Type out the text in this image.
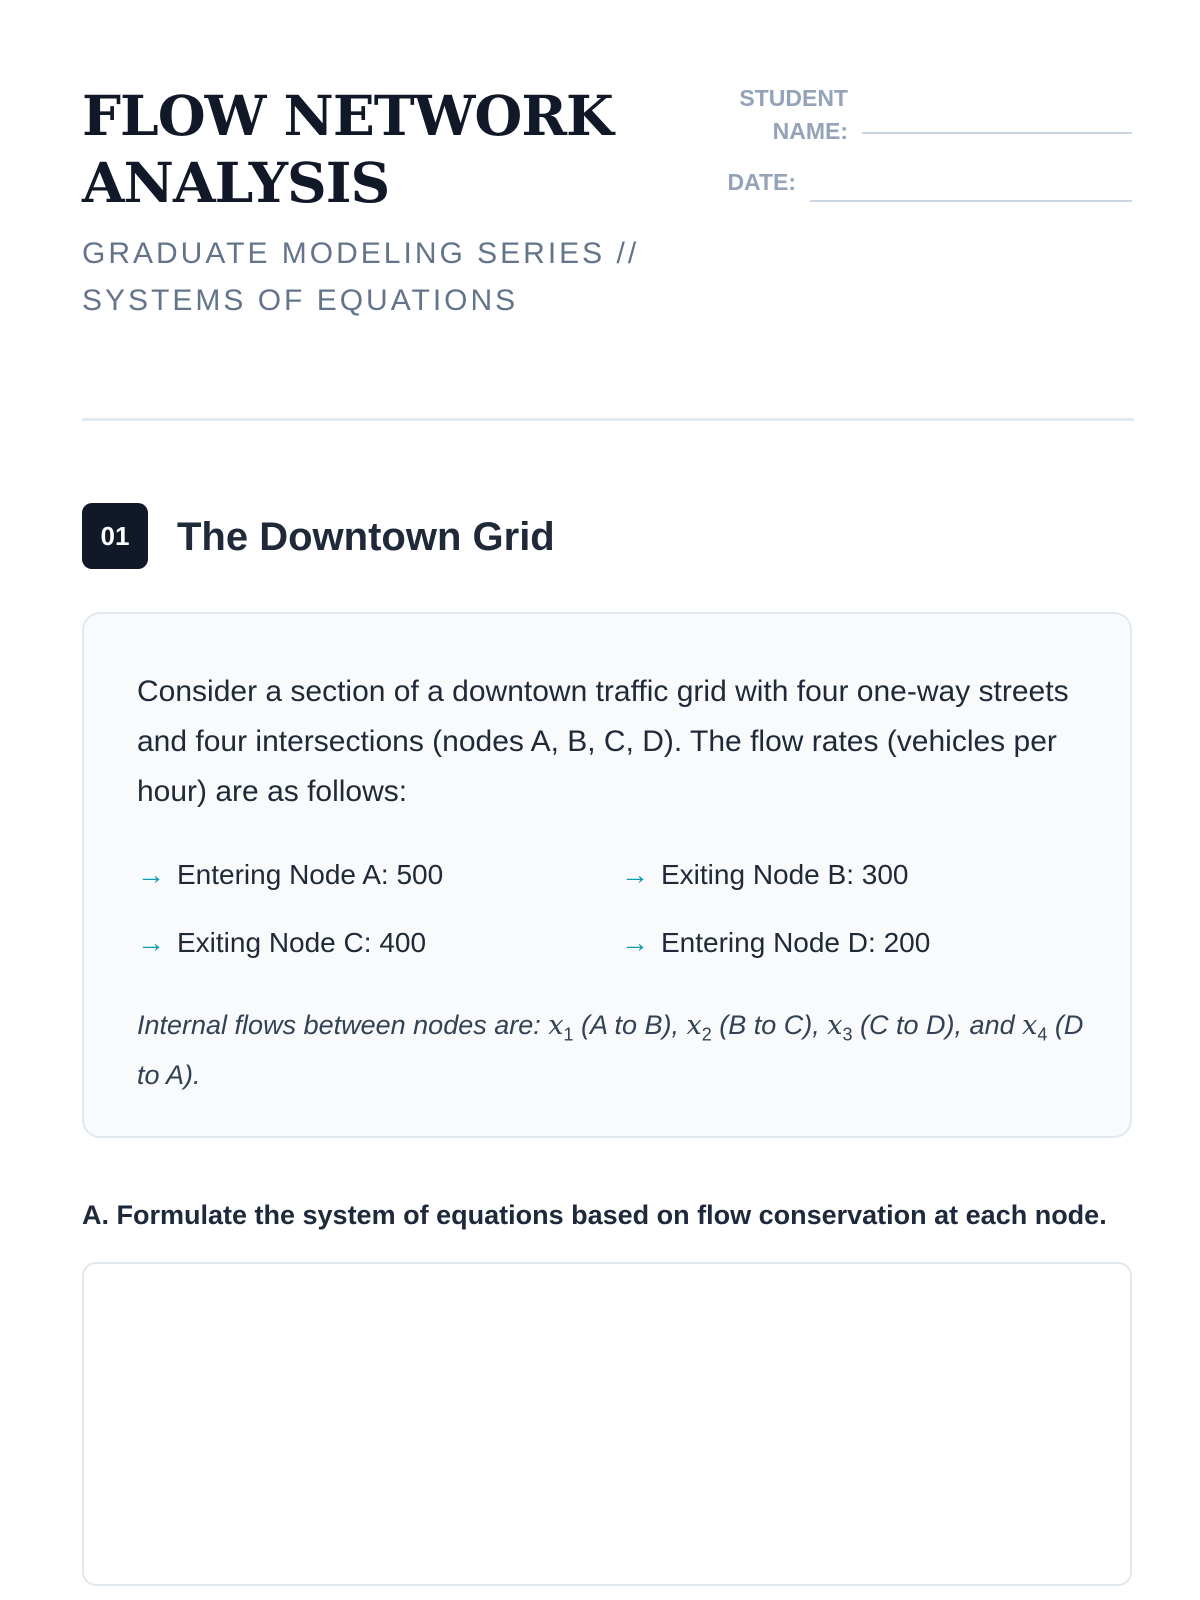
FLOW NETWORK
ANALYSIS

GRADUATE MODELING SERIES //
SYSTEMS OF EQUATIONS

STUDENT
NAME:
DATE:
01	The Downtown Grid

Consider a section of a downtown traffic grid with four one-way streets and four intersections (nodes A, B, C, D). The flow rates (vehicles per hour) are as follows:

→ Entering Node A: 500	→ Exiting Node B: 300
→ Exiting Node C: 400	→ Entering Node D: 200

Internal flows between nodes are: $x_1$ (A to B), $x_2$ (B to C), $x_3$ (C to D), and $x_4$ (D to A).

A. Formulate the system of equations based on flow conservation at each node.
